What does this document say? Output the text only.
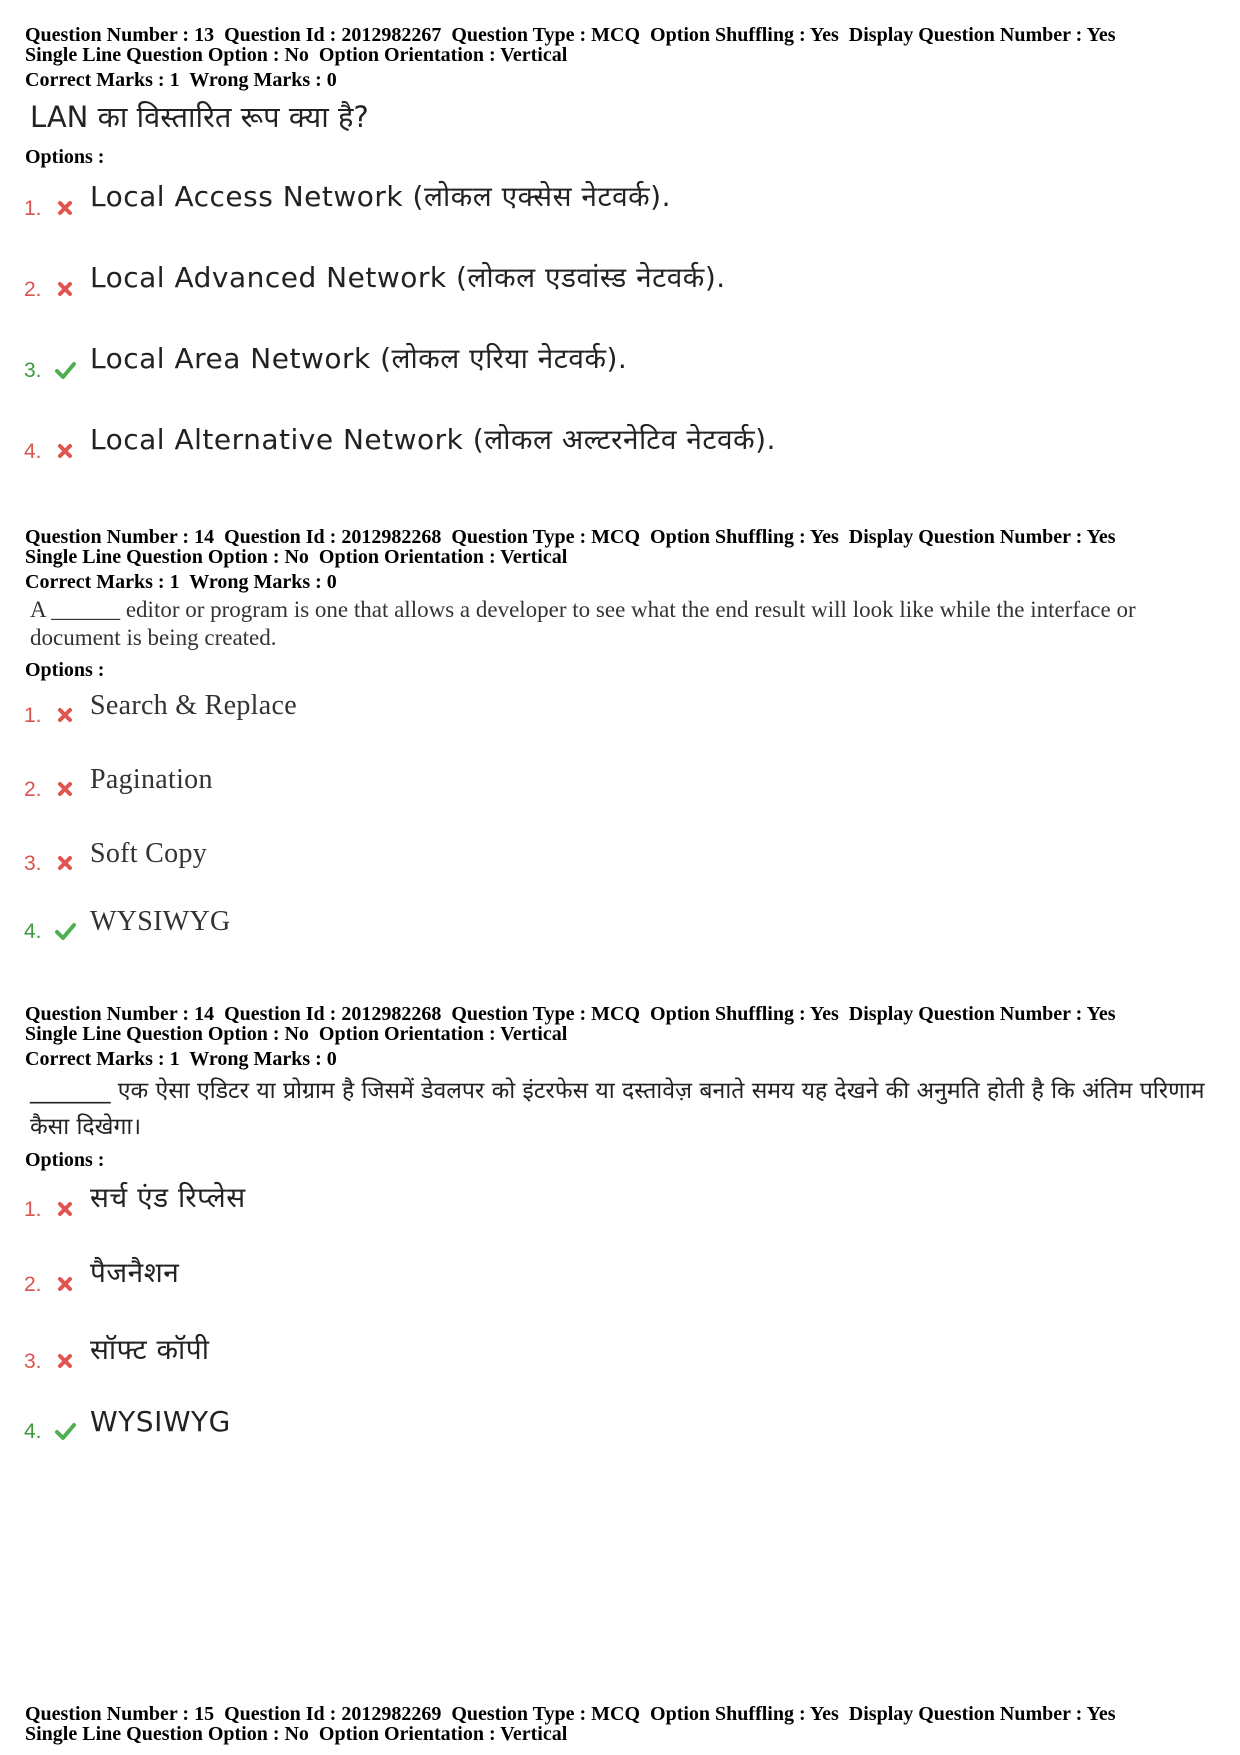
Question Number : 13  Question Id : 2012982267  Question Type : MCQ  Option Shuffling : Yes  Display Question Number : Yes
Single Line Question Option : No  Option Orientation : Vertical
Correct Marks : 1  Wrong Marks : 0
LAN का विस्तारित रूप क्या है?
Options :
1. Local Access Network (लोकल एक्सेस नेटवर्क).
2. Local Advanced Network (लोकल एडवांस्ड नेटवर्क).
3. Local Area Network (लोकल एरिया नेटवर्क).
4. Local Alternative Network (लोकल अल्टरनेटिव नेटवर्क).
Question Number : 14  Question Id : 2012982268  Question Type : MCQ  Option Shuffling : Yes  Display Question Number : Yes
Single Line Question Option : No  Option Orientation : Vertical
Correct Marks : 1  Wrong Marks : 0
A ______ editor or program is one that allows a developer to see what the end result will look like while the interface or document is being created.
Options :
1. Search & Replace
2. Pagination
3. Soft Copy
4. WYSIWYG
Question Number : 14  Question Id : 2012982268  Question Type : MCQ  Option Shuffling : Yes  Display Question Number : Yes
Single Line Question Option : No  Option Orientation : Vertical
Correct Marks : 1  Wrong Marks : 0
_______ एक ऐसा एडिटर या प्रोग्राम है जिसमें डेवलपर को इंटरफेस या दस्तावेज़ बनाते समय यह देखने की अनुमति होती है कि अंतिम परिणाम कैसा दिखेगा।
Options :
1. सर्च एंड रिप्लेस
2. पैजनैशन
3. सॉफ्ट कॉपी
4. WYSIWYG
Question Number : 15  Question Id : 2012982269  Question Type : MCQ  Option Shuffling : Yes  Display Question Number : Yes
Single Line Question Option : No  Option Orientation : Vertical
